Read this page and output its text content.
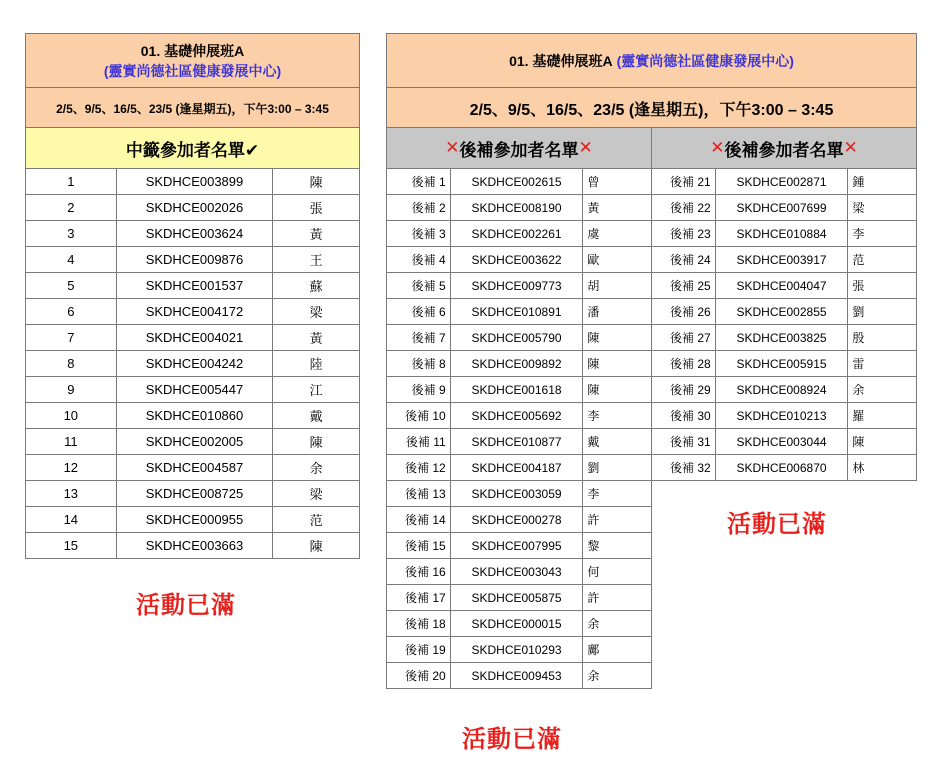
01. 基礎伸展班A
(靈實尚德社區健康發展中心)
2/5、9/5、16/5、23/5 (逢星期五)，下午3:00 – 3:45
中籤參加者名單✔
1	SKDHCE003899	陳
2	SKDHCE002026	張
3	SKDHCE003624	黃
4	SKDHCE009876	王
5	SKDHCE001537	蘇
6	SKDHCE004172	梁
7	SKDHCE004021	黃
8	SKDHCE004242	陸
9	SKDHCE005447	江
10	SKDHCE010860	戴
11	SKDHCE002005	陳
12	SKDHCE004587	余
13	SKDHCE008725	梁
14	SKDHCE000955	范
15	SKDHCE003663	陳
活動已滿
01. 基礎伸展班A (靈實尚德社區健康發展中心)
2/5、9/5、16/5、23/5 (逢星期五)，下午3:00 – 3:45
✕ 後補參加者名單 ✕	✕ 後補參加者名單 ✕
後補 1	SKDHCE002615	曾
後補 2	SKDHCE008190	黃
後補 3	SKDHCE002261	虞
後補 4	SKDHCE003622	歐
後補 5	SKDHCE009773	胡
後補 6	SKDHCE010891	潘
後補 7	SKDHCE005790	陳
後補 8	SKDHCE009892	陳
後補 9	SKDHCE001618	陳
後補 10	SKDHCE005692	李
後補 11	SKDHCE010877	戴
後補 12	SKDHCE004187	劉
後補 13	SKDHCE003059	李
後補 14	SKDHCE000278	許
後補 15	SKDHCE007995	黎
後補 16	SKDHCE003043	何
後補 17	SKDHCE005875	許
後補 18	SKDHCE000015	余
後補 19	SKDHCE010293	鄺
後補 20	SKDHCE009453	余
後補 21	SKDHCE002871	鍾
後補 22	SKDHCE007699	梁
後補 23	SKDHCE010884	李
後補 24	SKDHCE003917	范
後補 25	SKDHCE004047	張
後補 26	SKDHCE002855	劉
後補 27	SKDHCE003825	殷
後補 28	SKDHCE005915	雷
後補 29	SKDHCE008924	余
後補 30	SKDHCE010213	羅
後補 31	SKDHCE003044	陳
後補 32	SKDHCE006870	林
活動已滿
活動已滿
